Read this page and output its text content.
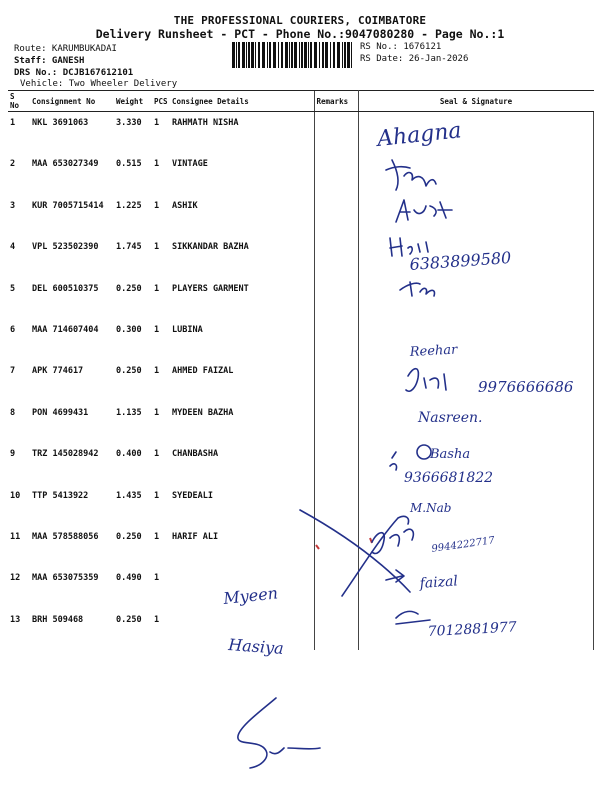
THE PROFESSIONAL COURIERS, COIMBATORE
Delivery Runsheet - PCT - Phone No.:9047080280 - Page No.:1
Route: KARUMBUKADAI
Staff: GANESH
DRS No.: DCJB167612101
Vehicle: Two Wheeler Delivery
RS No.: 1676121
RS Date: 26-Jan-2026
S No	Consignment No	Weight	PCS	Consignee Details	Remarks	Seal & Signature
1	NKL 3691063	3.330	1	RAHMATH NISHA		
2	MAA 653027349	0.515	1	VINTAGE		
3	KUR 7005715414	1.225	1	ASHIK		
4	VPL 523502390	1.745	1	SIKKANDAR BAZHA		
5	DEL 600510375	0.250	1	PLAYERS GARMENT		
6	MAA 714607404	0.300	1	LUBINA		
7	APK 774617	0.250	1	AHMED FAIZAL		
8	PON 4699431	1.135	1	MYDEEN BAZHA		
9	TRZ 145028942	0.400	1	CHANBASHA		
10	TTP 5413922	1.435	1	SYEDEALI		
11	MAA 578588056	0.250	1	HARIF ALI		
12	MAA 653075359	0.490	1			
13	BRH 509468	0.250	1			
Ahagna
6383899580
Reehar
9976666686
Nasreen.
Basha
9366681822
M.Nab
9944222717
faizal
7012881977
Myeen
Hasiya
